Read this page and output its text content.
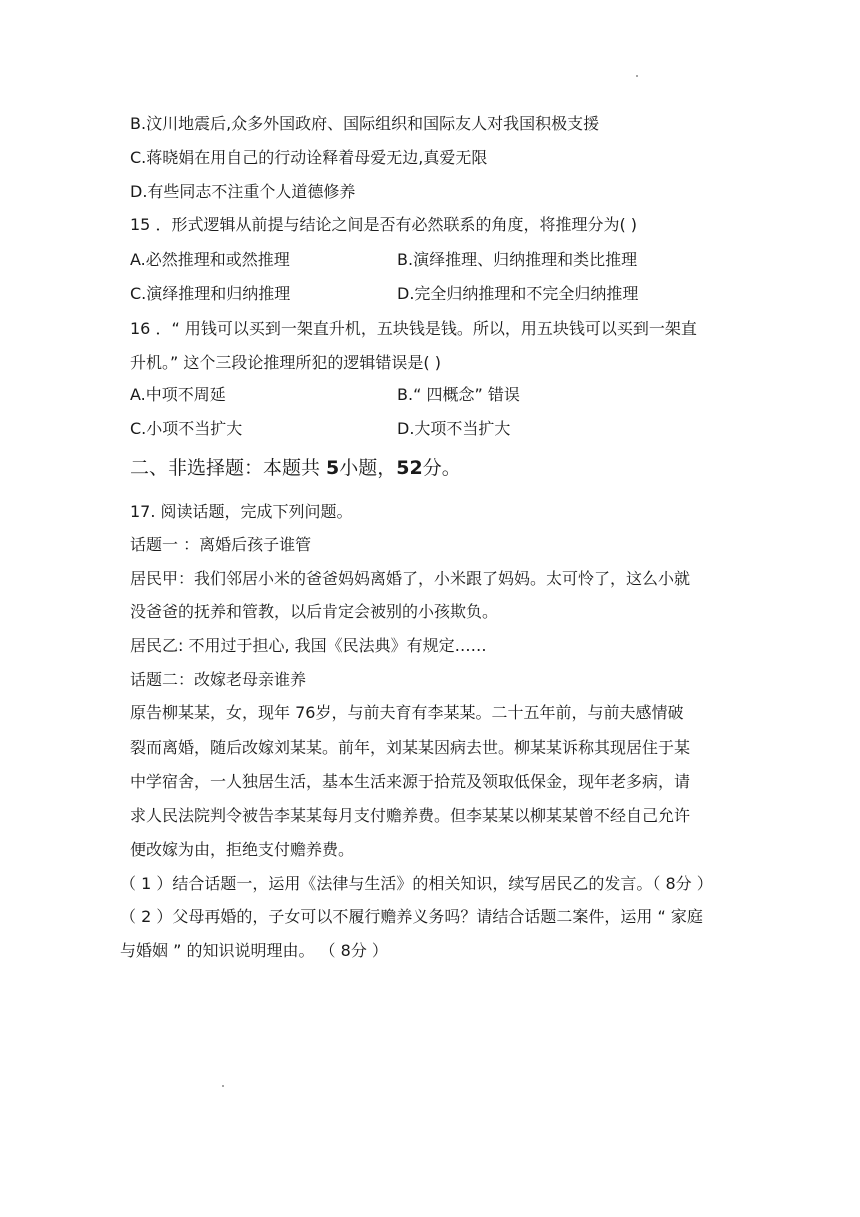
B.汶川地震后,众多外国政府、国际组织和国际友人对我国积极支援
C.蒋晓娟在用自己的行动诠释着母爱无边,真爱无限
D.有些同志不注重个人道德修养
15 ．形式逻辑从前提与结论之间是否有必然联系的角度，将推理分为( )
A.必然推理和或然推理	B.演绎推理、归纳推理和类比推理
C.演绎推理和归纳推理	D.完全归纳推理和不完全归纳推理
16 ．“ 用钱可以买到一架直升机，五块钱是钱。所以，用五块钱可以买到一架直
升机。” 这个三段论推理所犯的逻辑错误是( )
A.中项不周延	B.“ 四概念” 错误
C.小项不当扩大	D.大项不当扩大
二、非选择题：本题共 5小题，52分。
17. 阅读话题，完成下列问题。
话题一 ：离婚后孩子谁管
居民甲：我们邻居小米的爸爸妈妈离婚了，小米跟了妈妈。太可怜了，这么小就
没爸爸的抚养和管教，以后肯定会被别的小孩欺负。
居民乙: 不用过于担心, 我国《民法典》有规定……
话题二：改嫁老母亲谁养
原告柳某某，女，现年 76岁，与前夫育有李某某。二十五年前，与前夫感情破
裂而离婚，随后改嫁刘某某。前年，刘某某因病去世。柳某某诉称其现居住于某
中学宿舍，一人独居生活，基本生活来源于拾荒及领取低保金，现年老多病，请
求人民法院判令被告李某某每月支付赡养费。但李某某以柳某某曾不经自己允许
便改嫁为由，拒绝支付赡养费。
（ 1 ）结合话题一，运用《法律与生活》的相关知识，续写居民乙的发言。（ 8分 ）
（ 2 ）父母再婚的，子女可以不履行赡养义务吗？请结合话题二案件，运用 “ 家庭
与婚姻 ” 的知识说明理由。 （ 8分 ）
